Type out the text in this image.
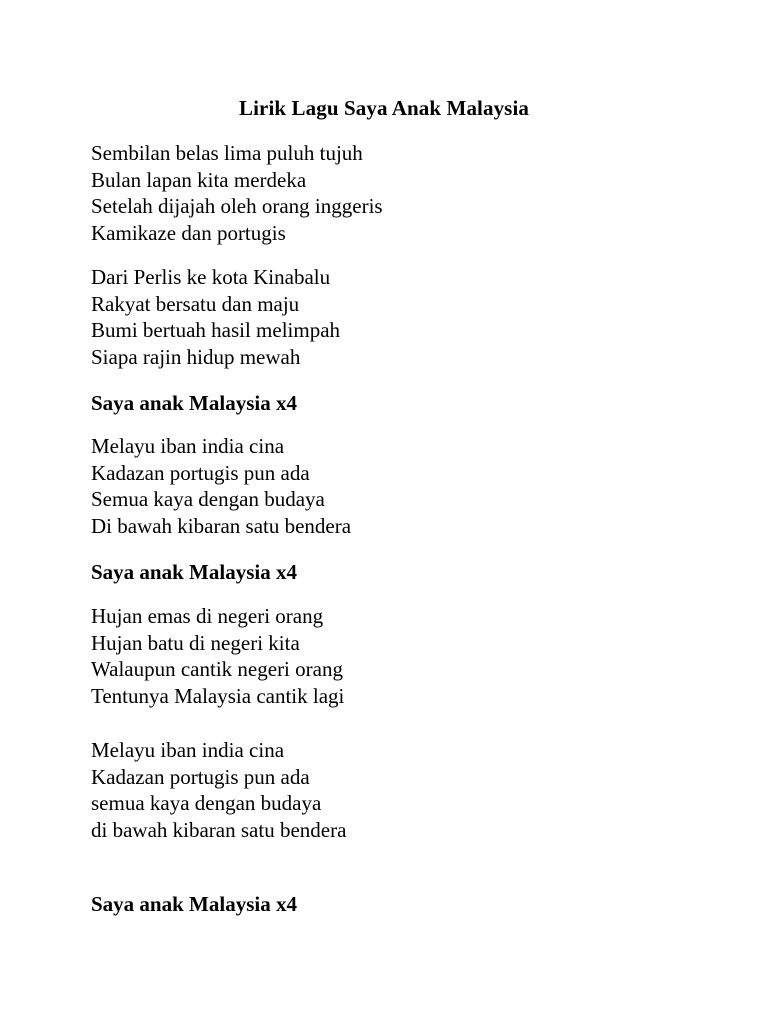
Lirik Lagu Saya Anak Malaysia
Sembilan belas lima puluh tujuh
Bulan lapan kita merdeka
Setelah dijajah oleh orang inggeris
Kamikaze dan portugis
Dari Perlis ke kota Kinabalu
Rakyat bersatu dan maju
Bumi bertuah hasil melimpah
Siapa rajin hidup mewah
Saya anak Malaysia x4
Melayu iban india cina
Kadazan portugis pun ada
Semua kaya dengan budaya
Di bawah kibaran satu bendera
Saya anak Malaysia x4
Hujan emas di negeri orang
Hujan batu di negeri kita
Walaupun cantik negeri orang
Tentunya Malaysia cantik lagi
Melayu iban india cina
Kadazan portugis pun ada
semua kaya dengan budaya
di bawah kibaran satu bendera
Saya anak Malaysia x4
